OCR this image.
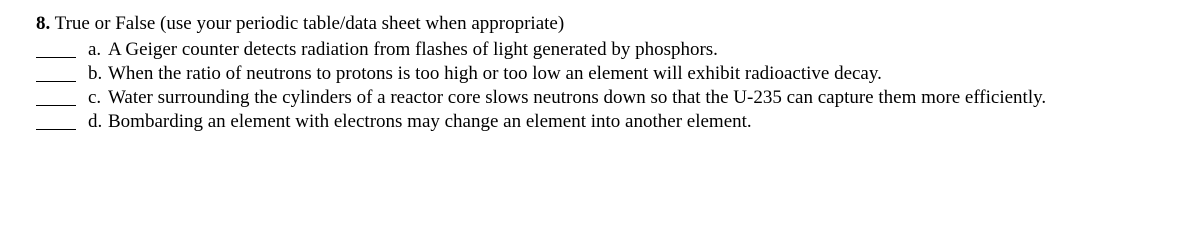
8. True or False (use your periodic table/data sheet when appropriate)
a. A Geiger counter detects radiation from flashes of light generated by phosphors.
b. When the ratio of neutrons to protons is too high or too low an element will exhibit radioactive decay.
c. Water surrounding the cylinders of a reactor core slows neutrons down so that the U-235 can capture them more efficiently.
d. Bombarding an element with electrons may change an element into another element.
